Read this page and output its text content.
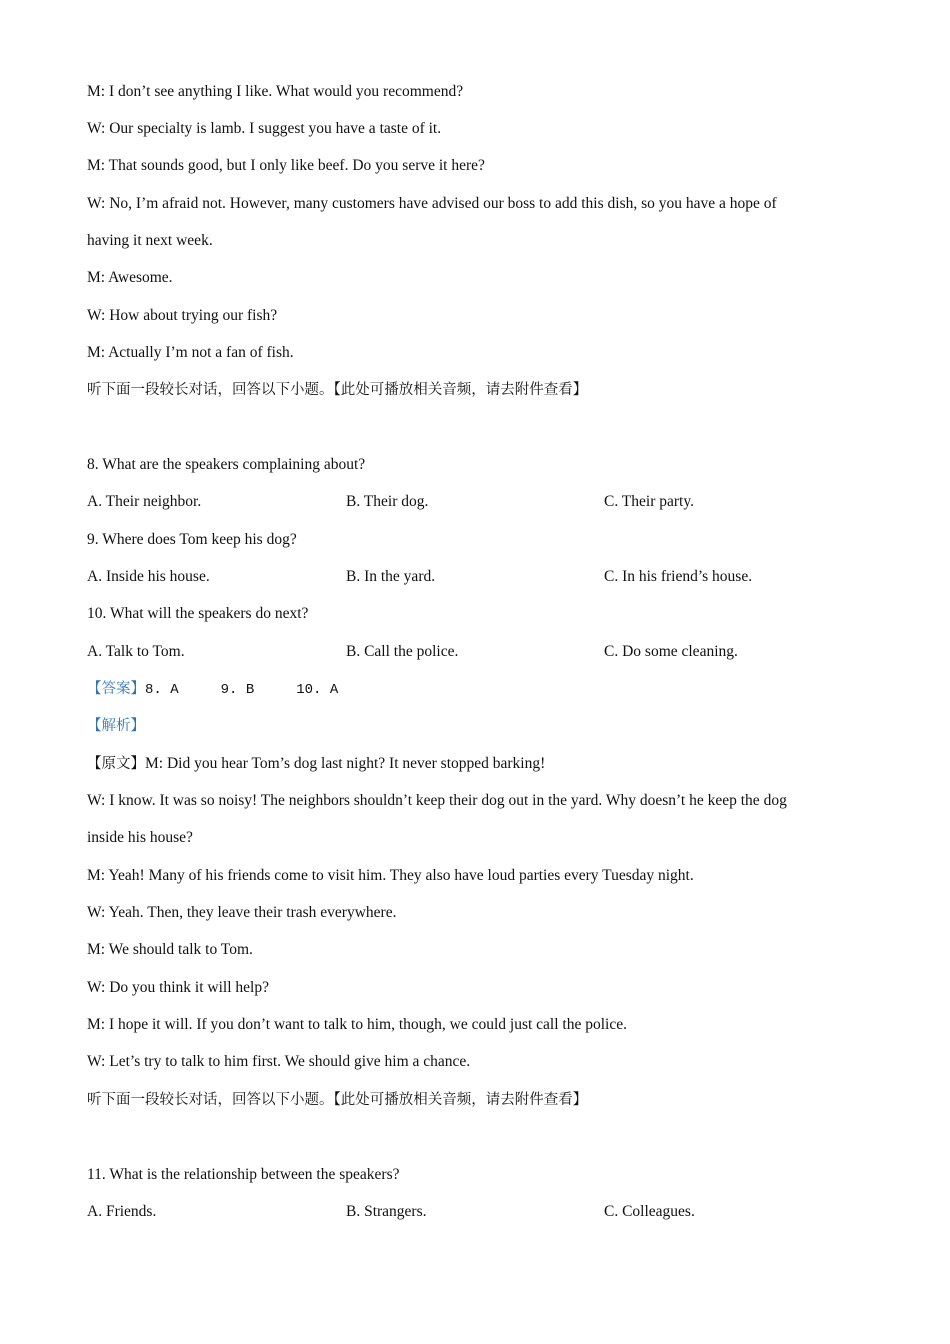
M: I don’t see anything I like. What would you recommend?
W: Our specialty is lamb. I suggest you have a taste of it.
M: That sounds good, but I only like beef. Do you serve it here?
W: No, I’m afraid not. However, many customers have advised our boss to add this dish, so you have a hope of
having it next week.
M: Awesome.
W: How about trying our fish?
M: Actually I’m not a fan of fish.
听下面一段较长对话，回答以下小题。【此处可播放相关音频，请去附件查看】
8. What are the speakers complaining about?
A. Their neighbor.	B. Their dog.	C. Their party.
9. Where does Tom keep his dog?
A. Inside his house.	B. In the yard.	C. In his friend’s house.
10. What will the speakers do next?
A. Talk to Tom.	B. Call the police.	C. Do some cleaning.
【答案】8. A     9. B     10. A
【解析】
【原文】M: Did you hear Tom’s dog last night? It never stopped barking!
W: I know. It was so noisy! The neighbors shouldn’t keep their dog out in the yard. Why doesn’t he keep the dog
inside his house?
M: Yeah! Many of his friends come to visit him. They also have loud parties every Tuesday night.
W: Yeah. Then, they leave their trash everywhere.
M: We should talk to Tom.
W: Do you think it will help?
M: I hope it will. If you don’t want to talk to him, though, we could just call the police.
W: Let’s try to talk to him first. We should give him a chance.
听下面一段较长对话，回答以下小题。【此处可播放相关音频，请去附件查看】
11. What is the relationship between the speakers?
A. Friends.	B. Strangers.	C. Colleagues.
